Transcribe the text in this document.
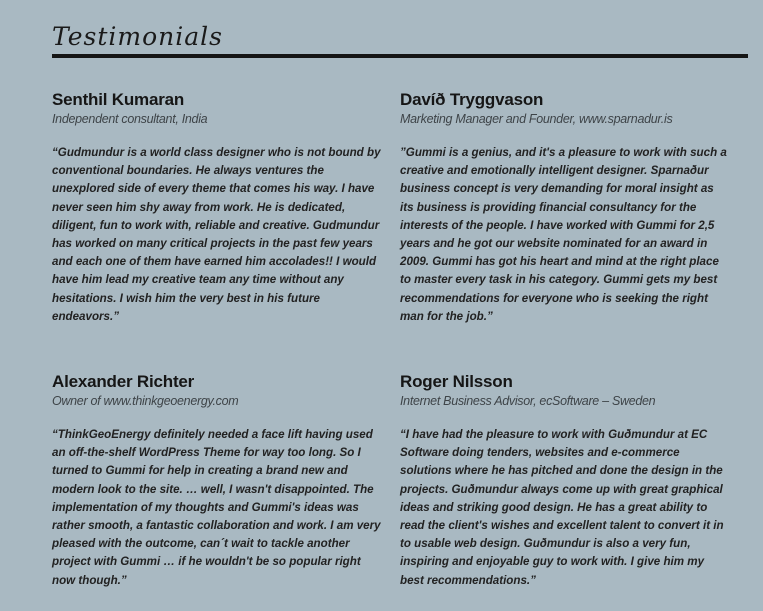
Testimonials
Senthil Kumaran

Independent consultant, India

“Gudmundur is a world class designer who is not bound by conventional boundaries. He always ventures the unexplored side of every theme that comes his way. I have never seen him shy away from work. He is dedicated, diligent, fun to work with, reliable and creative. Gudmundur has worked on many critical projects in the past few years and each one of them have earned him accolades!! I would have him lead my creative team any time without any hesitations. I wish him the very best in his future endeavors.”

Davíð Tryggvason

Marketing Manager and Founder, www.sparnadur.is

”Gummi is a genius, and it's a pleasure to work with such a creative and emotionally intelligent designer. Sparnaður business concept is very demanding for moral insight as its business is providing financial consultancy for the interests of the people. I have worked with Gummi for 2,5 years and he got our website nominated for an award in 2009. Gummi has got his heart and mind at the right place to master every task in his category. Gummi gets my best recommendations for everyone who is seeking the right man for the job.”

Alexander Richter

Owner of www.thinkgeoenergy.com

“ThinkGeoEnergy definitely needed a face lift having used an off-the-shelf WordPress Theme for way too long. So I turned to Gummi for help in creating a brand new and modern look to the site. … well, I wasn't disappointed. The implementation of my thoughts and Gummi's ideas was rather smooth, a fantastic collaboration and work. I am very pleased with the outcome, can´t wait to tackle another project with Gummi … if he wouldn't be so popular right now though.”

Roger Nilsson

Internet Business Advisor, ecSoftware – Sweden

“I have had the pleasure to work with Guðmundur at EC Software doing tenders, websites and e-commerce solutions where he has pitched and done the design in the projects. Guðmundur always come up with great graphical ideas and striking good design. He has a great ability to read the client's wishes and excellent talent to convert it in to usable web design. Guðmundur is also a very fun, inspiring and enjoyable guy to work with. I give him my best recommendations.”
